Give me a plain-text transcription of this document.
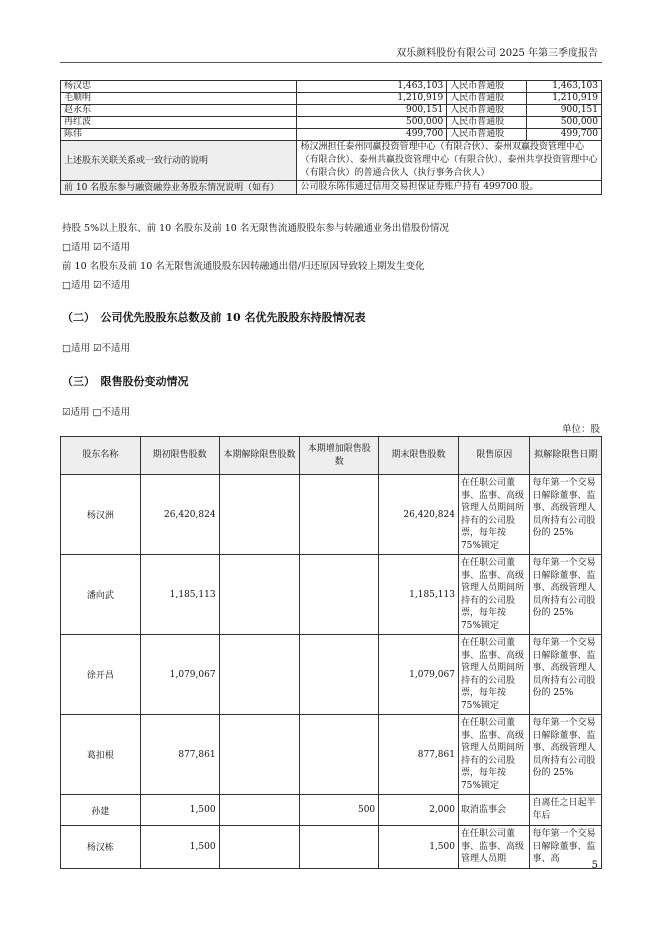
双乐颜料股份有限公司 2025 年第三季度报告
杨汉忠	1,463,103	人民币普通股	1,463,103
毛顺明	1,210,919	人民币普通股	1,210,919
赵永东	900,151	人民币普通股	900,151
冉红波	500,000	人民币普通股	500,000
陈伟	499,700	人民币普通股	499,700
上述股东关联关系或一致行动的说明	杨汉洲担任泰州同赢投资管理中心（有限合伙）、泰州双赢投资管理中心（有限合伙）、泰州共赢投资管理中心（有限合伙）、泰州共享投资管理中心（有限合伙）的普通合伙人（执行事务合伙人）		
前 10 名股东参与融资融券业务股东情况说明（如有）	公司股东陈伟通过信用交易担保证券账户持有 499700 股。		
持股 5%以上股东、前 10 名股东及前 10 名无限售流通股股东参与转融通业务出借股份情况
□适用 ☑不适用
前 10 名股东及前 10 名无限售流通股股东因转融通出借/归还原因导致较上期发生变化
□适用 ☑不适用
（二）　公司优先股股东总数及前 10 名优先股股东持股情况表
□适用 ☑不适用
（三）　限售股份变动情况
☑适用 □不适用
单位：股
股东名称	期初限售股数	本期解除限售股数	本期增加限售股数	期末限售股数	限售原因	拟解除限售日期
杨汉洲	26,420,824			26,420,824	在任职公司董事、监事、高级管理人员期间所持有的公司股票，每年按 75%锁定	每年第一个交易日解除董事、监事、高级管理人员所持有公司股份的 25%
潘向武	1,185,113			1,185,113	在任职公司董事、监事、高级管理人员期间所持有的公司股票，每年按 75%锁定	每年第一个交易日解除董事、监事、高级管理人员所持有公司股份的 25%
徐开昌	1,079,067			1,079,067	在任职公司董事、监事、高级管理人员期间所持有的公司股票，每年按 75%锁定	每年第一个交易日解除董事、监事、高级管理人员所持有公司股份的 25%
葛扣根	877,861			877,861	在任职公司董事、监事、高级管理人员期间所持有的公司股票，每年按 75%锁定	每年第一个交易日解除董事、监事、高级管理人员所持有公司股份的 25%
孙建	1,500		500	2,000	取消监事会	自离任之日起半年后
杨汉栋	1,500			1,500	在任职公司董事、监事、高级管理人员期	每年第一个交易日解除董事、监事、高
5
